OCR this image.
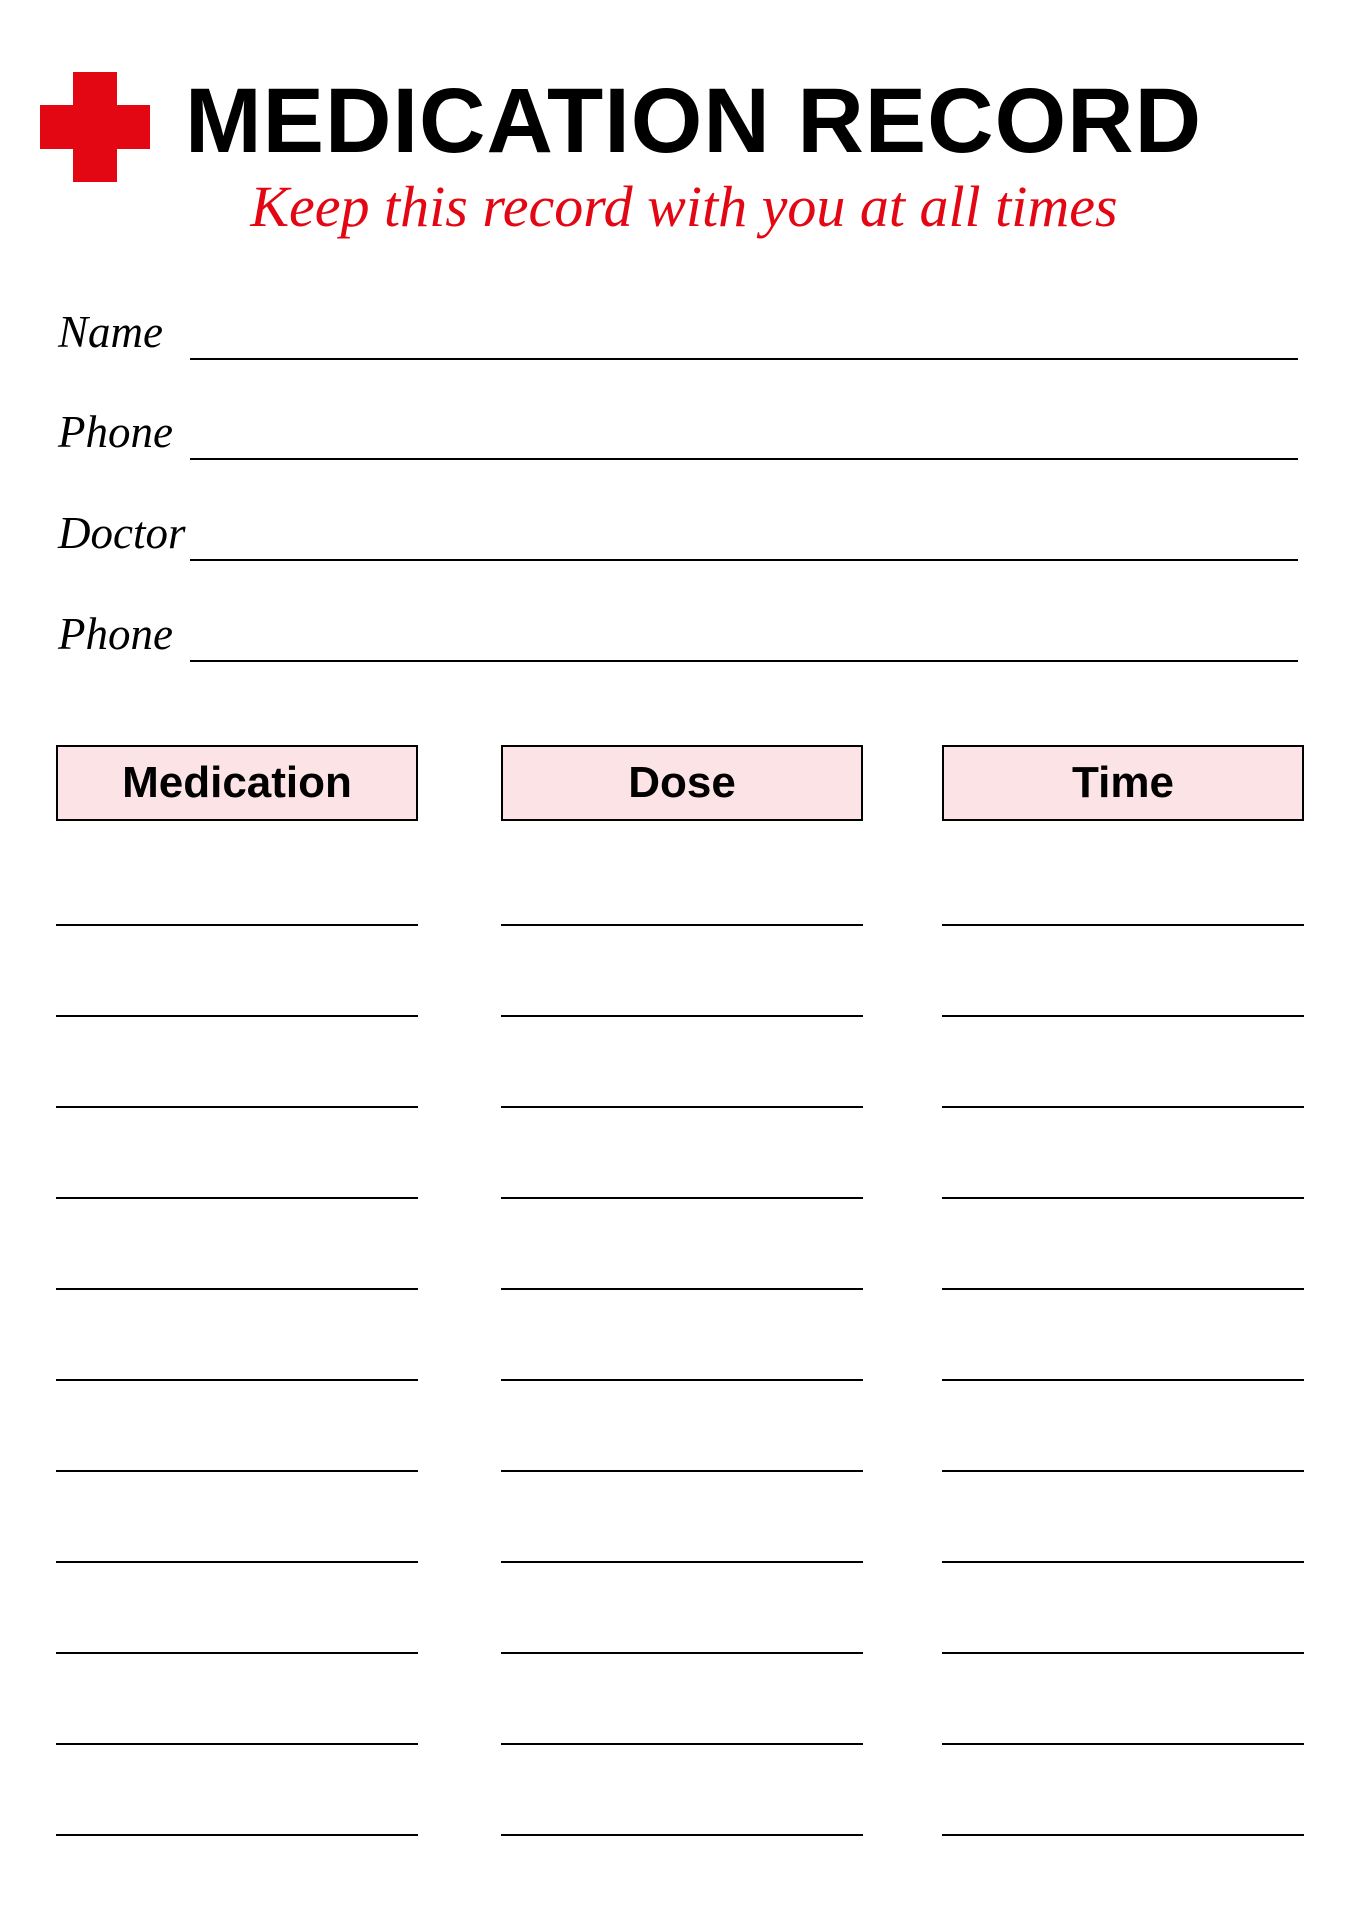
MEDICATION RECORD
Keep this record with you at all times
Name
Phone
Doctor
Phone
Medication	Dose	Time
